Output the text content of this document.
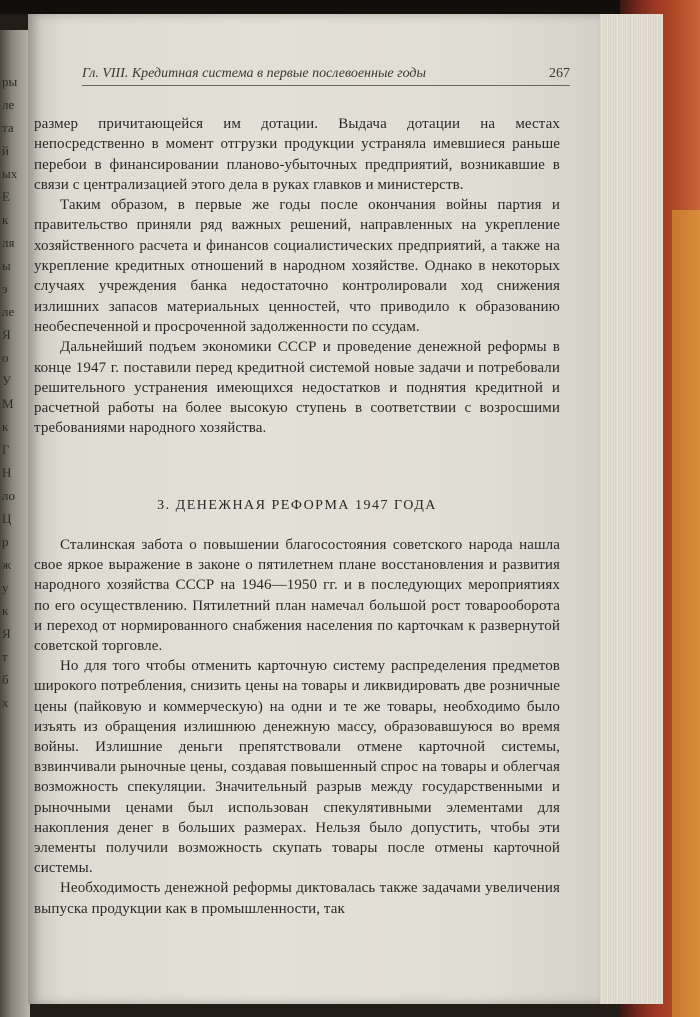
ры
ле
та
й
ых
Е
к
ля
ы
э
ле
Я
о
У
М
к
Г
Н
ло
Ц
р
ж
у
к
Я
т
б
х
Гл. VIII. Кредитная система в первые послевоенные годы	267

размер причитающейся им дотации. Выдача дотации на местах непосредственно в момент отгрузки продукции устраняла имевшиеся раньше перебои в финансировании планово-убыточных предприятий, возникавшие в связи с централизацией этого дела в руках главков и министерств.

Таким образом, в первые же годы после окончания войны партия и правительство приняли ряд важных решений, направленных на укрепление хозяйственного расчета и финансов социалистических предприятий, а также на укрепление кредитных отношений в народном хозяйстве. Однако в некоторых случаях учреждения банка недостаточно контролировали ход снижения излишних запасов материальных ценностей, что приводило к образованию необеспеченной и просроченной задолженности по ссудам.

Дальнейший подъем экономики СССР и проведение денежной реформы в конце 1947 г. поставили перед кредитной системой новые задачи и потребовали решительного устранения имеющихся недостатков и поднятия кредитной и расчетной работы на более высокую ступень в соответствии с возросшими требованиями народного хозяйства.

3. ДЕНЕЖНАЯ РЕФОРМА 1947 ГОДА

Сталинская забота о повышении благосостояния советского народа нашла свое яркое выражение в законе о пятилетнем плане восстановления и развития народного хозяйства СССР на 1946—1950 гг. и в последующих мероприятиях по его осуществлению. Пятилетний план намечал большой рост товарооборота и переход от нормированного снабжения населения по карточкам к развернутой советской торговле.

Но для того чтобы отменить карточную систему распределения предметов широкого потребления, снизить цены на товары и ликвидировать две розничные цены (пайковую и коммерческую) на одни и те же товары, необходимо было изъять из обращения излишнюю денежную массу, образовавшуюся во время войны. Излишние деньги препятствовали отмене карточной системы, взвинчивали рыночные цены, создавая повышенный спрос на товары и облегчая возможность спекуляции. Значительный разрыв между государственными и рыночными ценами был использован спекулятивными элементами для накопления денег в больших размерах. Нельзя было допустить, чтобы эти элементы получили возможность скупать товары после отмены карточной системы.

Необходимость денежной реформы диктовалась также задачами увеличения выпуска продукции как в промышленности, так
